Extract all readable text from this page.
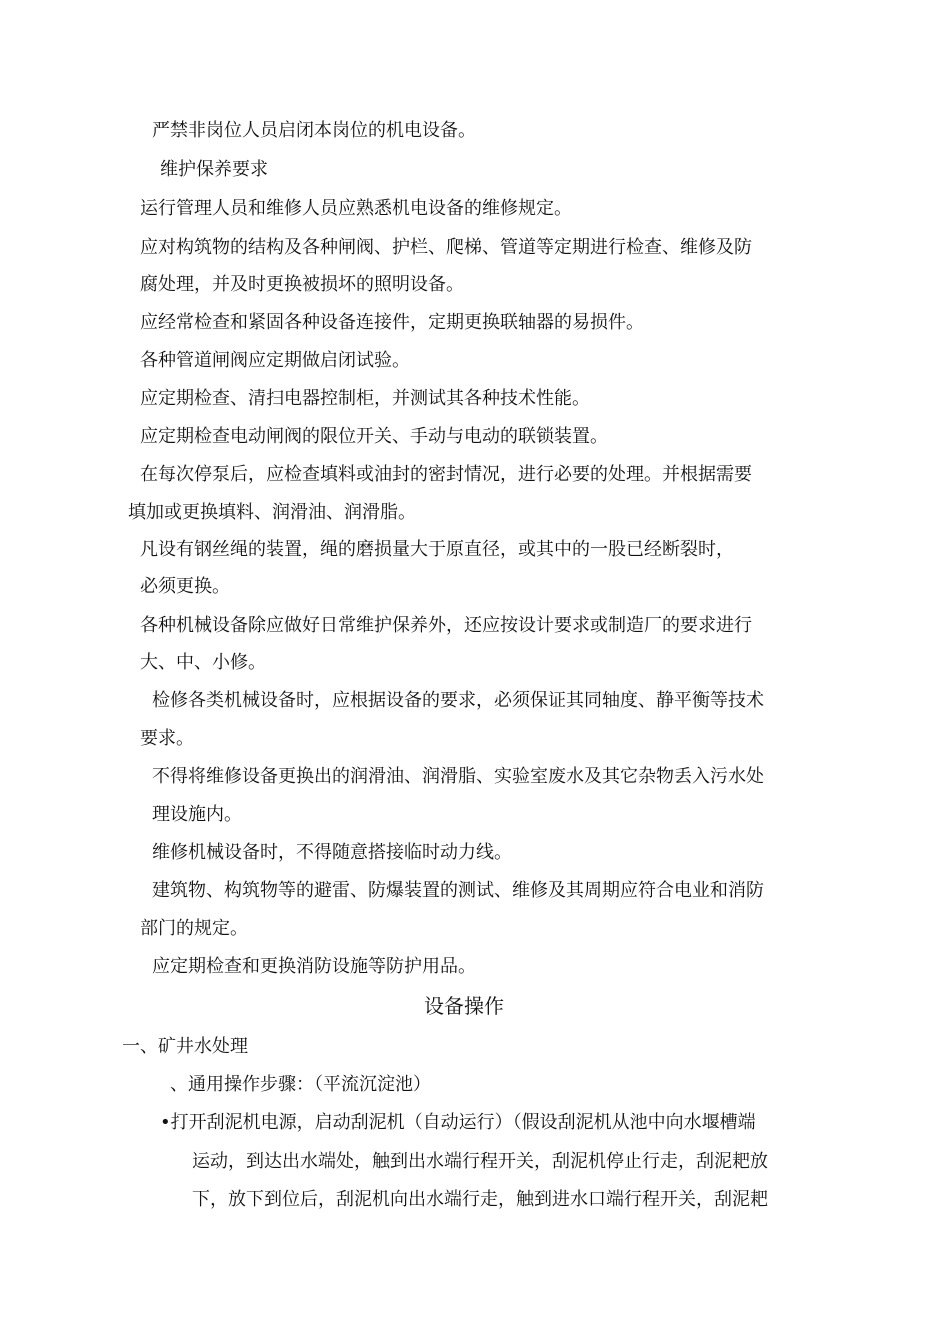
严禁非岗位人员启闭本岗位的机电设备。

维护保养要求

运行管理人员和维修人员应熟悉机电设备的维修规定。

应对构筑物的结构及各种闸阀、护栏、爬梯、管道等定期进行检查、维修及防

腐处理，并及时更换被损坏的照明设备。

应经常检查和紧固各种设备连接件，定期更换联轴器的易损件。

各种管道闸阀应定期做启闭试验。

应定期检查、清扫电器控制柜，并测试其各种技术性能。

应定期检查电动闸阀的限位开关、手动与电动的联锁装置。

在每次停泵后，应检查填料或油封的密封情况，进行必要的处理。并根据需要

填加或更换填料、润滑油、润滑脂。

凡设有钢丝绳的装置，绳的磨损量大于原直径，或其中的一股已经断裂时，

必须更换。

各种机械设备除应做好日常维护保养外，还应按设计要求或制造厂的要求进行

大、中、小修。

检修各类机械设备时，应根据设备的要求，必须保证其同轴度、静平衡等技术

要求。

不得将维修设备更换出的润滑油、润滑脂、实验室废水及其它杂物丢入污水处

理设施内。

维修机械设备时，不得随意搭接临时动力线。

建筑物、构筑物等的避雷、防爆装置的测试、维修及其周期应符合电业和消防

部门的规定。

应定期检查和更换消防设施等防护用品。

设备操作

一、矿井水处理

、通用操作步骤：（平流沉淀池）

•打开刮泥机电源，启动刮泥机（自动运行）（假设刮泥机从池中向水堰槽端

运动，到达出水端处，触到出水端行程开关，刮泥机停止行走，刮泥耙放

下，放下到位后，刮泥机向出水端行走，触到进水口端行程开关，刮泥耙
